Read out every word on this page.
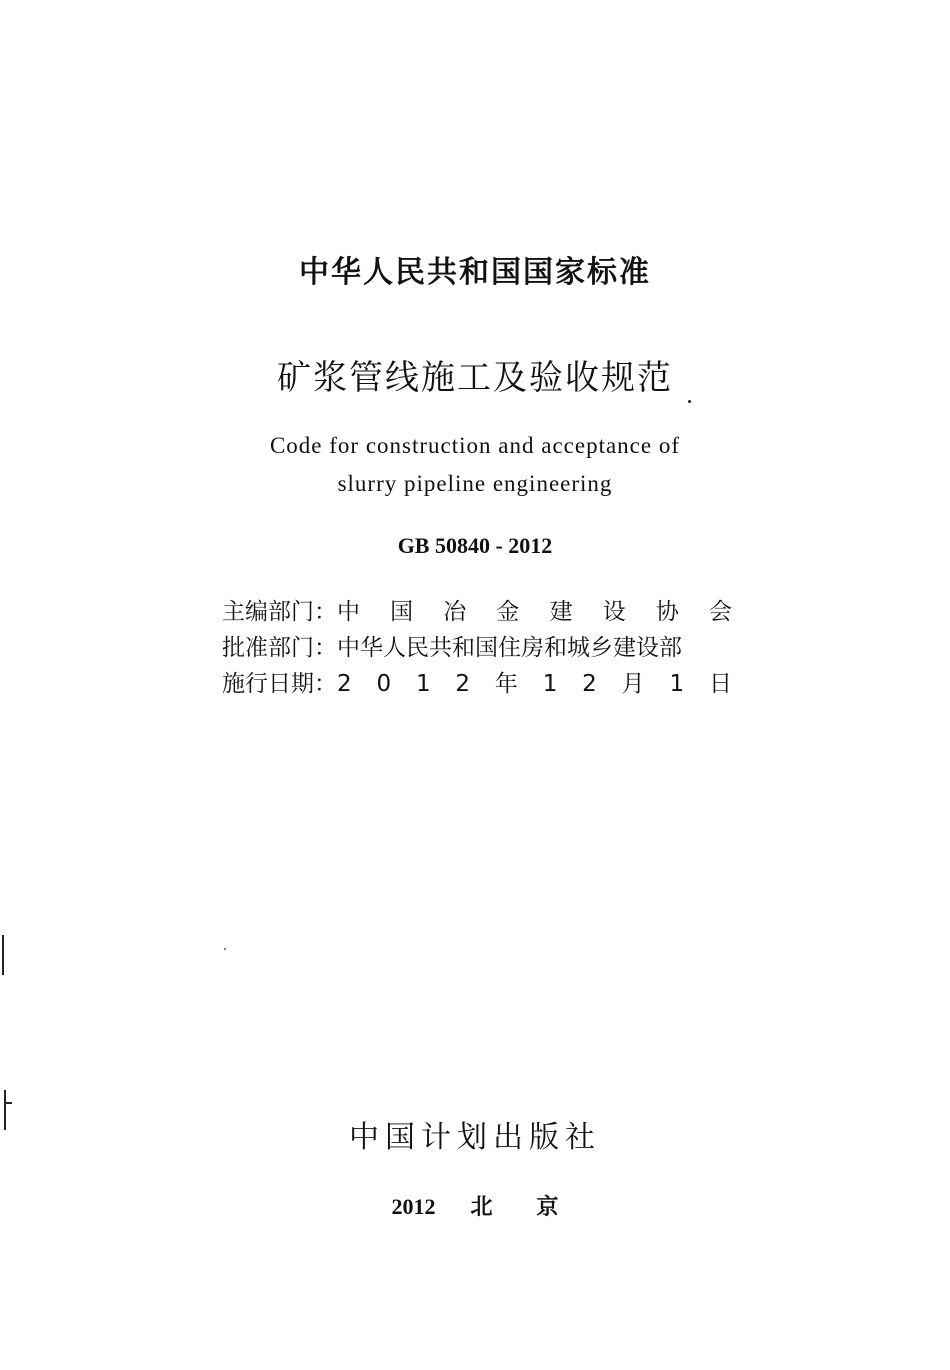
中华人民共和国国家标准
矿浆管线施工及验收规范
Code for construction and acceptance of
slurry pipeline engineering
GB 50840 - 2012
主编部门： 中 国 冶 金 建 设 协 会
批准部门： 中华人民共和国住房和城乡建设部
施行日期： 2 0 1 2 年 1 2 月 1 日
中国计划出版社
2012 北　　京
